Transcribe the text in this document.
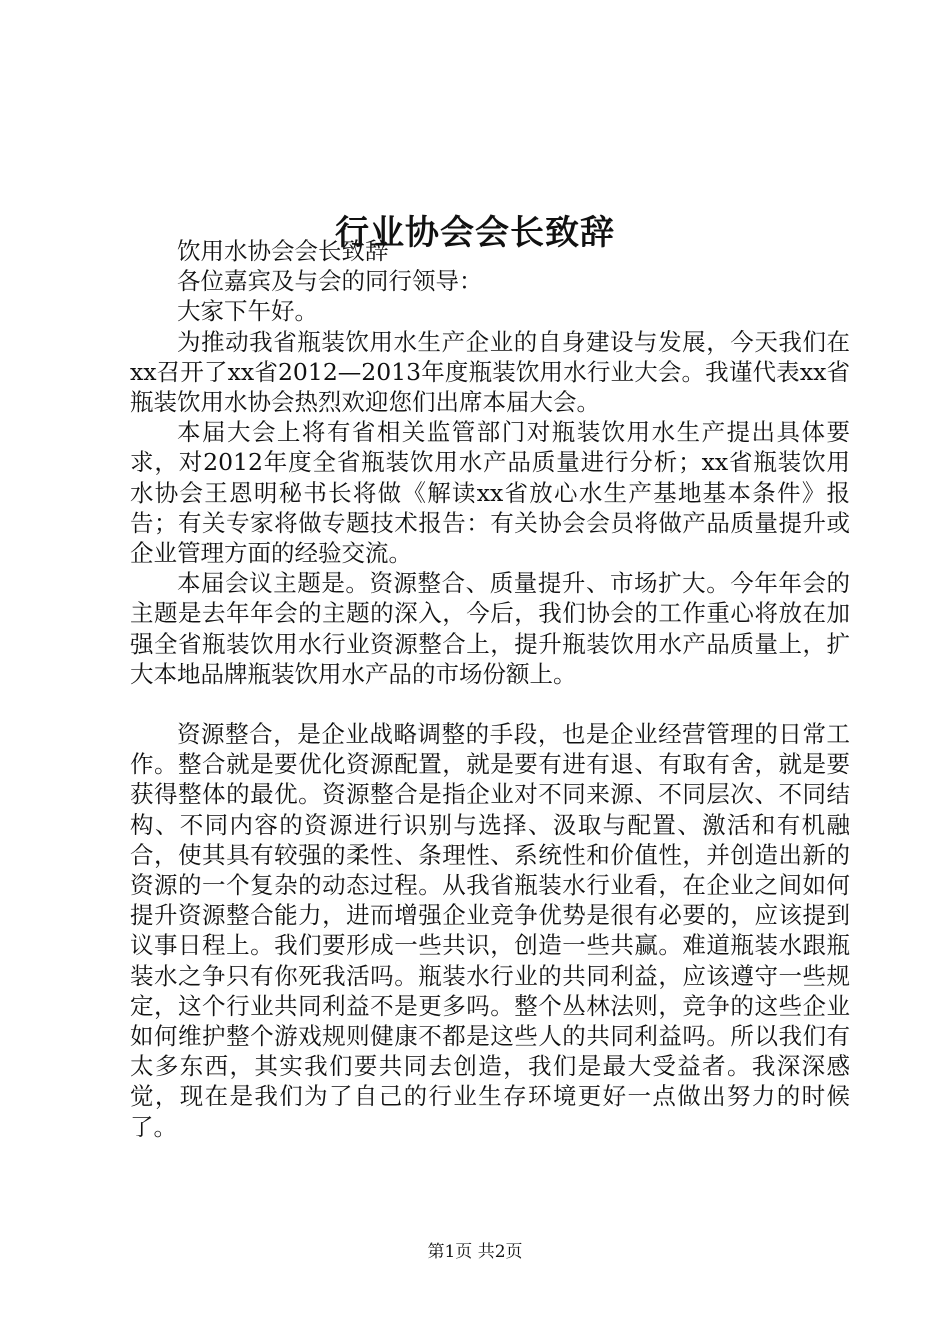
行业协会会长致辞

饮用水协会会长致辞

各位嘉宾及与会的同行领导：

大家下午好。

为推动我省瓶装饮用水生产企业的自身建设与发展，今天我们在xx召开了xx省2012—2013年度瓶装饮用水行业大会。我谨代表xx省瓶装饮用水协会热烈欢迎您们出席本届大会。

本届大会上将有省相关监管部门对瓶装饮用水生产提出具体要求，对2012年度全省瓶装饮用水产品质量进行分析；xx省瓶装饮用水协会王恩明秘书长将做《解读xx省放心水生产基地基本条件》报告；有关专家将做专题技术报告：有关协会会员将做产品质量提升或企业管理方面的经验交流。

本届会议主题是。资源整合、质量提升、市场扩大。今年年会的主题是去年年会的主题的深入，今后，我们协会的工作重心将放在加强全省瓶装饮用水行业资源整合上，提升瓶装饮用水产品质量上，扩大本地品牌瓶装饮用水产品的市场份额上。

资源整合，是企业战略调整的手段，也是企业经营管理的日常工作。整合就是要优化资源配置，就是要有进有退、有取有舍，就是要获得整体的最优。资源整合是指企业对不同来源、不同层次、不同结构、不同内容的资源进行识别与选择、汲取与配置、激活和有机融合，使其具有较强的柔性、条理性、系统性和价值性，并创造出新的资源的一个复杂的动态过程。从我省瓶装水行业看，在企业之间如何提升资源整合能力，进而增强企业竞争优势是很有必要的，应该提到议事日程上。我们要形成一些共识，创造一些共赢。难道瓶装水跟瓶装水之争只有你死我活吗。瓶装水行业的共同利益，应该遵守一些规定，这个行业共同利益不是更多吗。整个丛林法则，竞争的这些企业如何维护整个游戏规则健康不都是这些人的共同利益吗。所以我们有太多东西，其实我们要共同去创造，我们是最大受益者。我深深感觉，现在是我们为了自己的行业生存环境更好一点做出努力的时候了。

第1页 共2页
